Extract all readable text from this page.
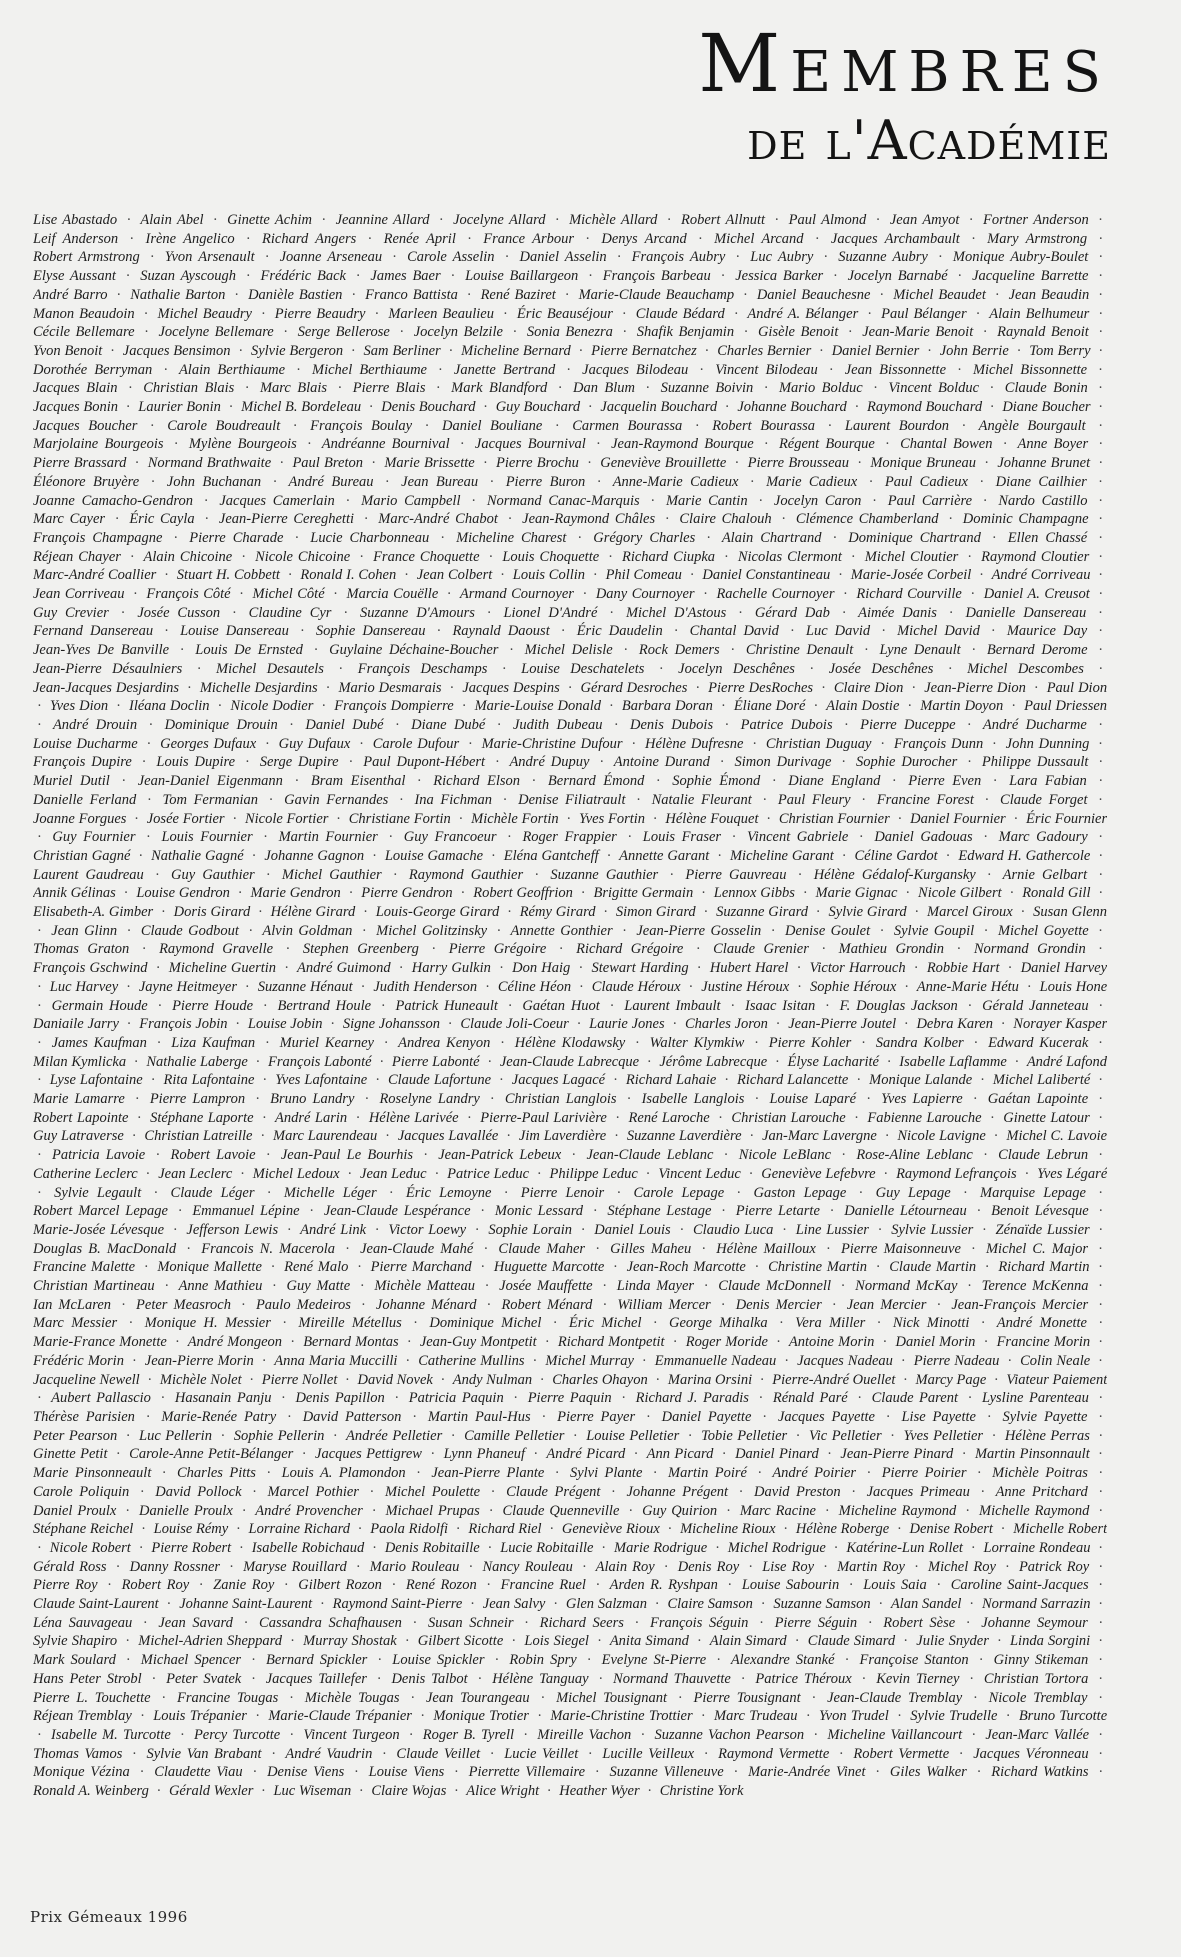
Membres
de l'Académie
Lise Abastado · Alain Abel · Ginette Achim · Jeannine Allard · Jocelyne Allard · Michèle Allard · Robert Allnutt · Paul Almond · Jean Amyot · Fortner Anderson · Leif Anderson · Irène Angelico · Richard Angers · Renée April · France Arbour · Denys Arcand · Michel Arcand · Jacques Archambault · Mary Armstrong · Robert Armstrong · Yvon Arsenault · Joanne Arseneau · Carole Asselin · Daniel Asselin · François Aubry · Luc Aubry · Suzanne Aubry · Monique Aubry-Boulet · Elyse Aussant · Suzan Ayscough · Frédéric Back · James Baer · Louise Baillargeon · François Barbeau · Jessica Barker · Jocelyn Barnabé · Jacqueline Barrette · André Barro · Nathalie Barton · Danièle Bastien · Franco Battista · René Baziret · Marie-Claude Beauchamp · Daniel Beauchesne · Michel Beaudet · Jean Beaudin · Manon Beaudoin · Michel Beaudry · Pierre Beaudry · Marleen Beaulieu · Éric Beauséjour · Claude Bédard · André A. Bélanger · Paul Bélanger · Alain Belhumeur · Cécile Bellemare · Jocelyne Bellemare · Serge Bellerose · Jocelyn Belzile · Sonia Benezra · Shafik Benjamin · Gisèle Benoit · Jean-Marie Benoit · Raynald Benoit · Yvon Benoit · Jacques Bensimon · Sylvie Bergeron · Sam Berliner · Micheline Bernard · Pierre Bernatchez · Charles Bernier · Daniel Bernier · John Berrie · Tom Berry · Dorothée Berryman · Alain Berthiaume · Michel Berthiaume · Janette Bertrand · Jacques Bilodeau · Vincent Bilodeau · Jean Bissonnette · Michel Bissonnette · Jacques Blain · Christian Blais · Marc Blais · Pierre Blais · Mark Blandford · Dan Blum · Suzanne Boivin · Mario Bolduc · Vincent Bolduc · Claude Bonin · Jacques Bonin · Laurier Bonin · Michel B. Bordeleau · Denis Bouchard · Guy Bouchard · Jacquelin Bouchard · Johanne Bouchard · Raymond Bouchard · Diane Boucher · Jacques Boucher · Carole Boudreault · François Boulay · Daniel Bouliane · Carmen Bourassa · Robert Bourassa · Laurent Bourdon · Angèle Bourgault · Marjolaine Bourgeois · Mylène Bourgeois · Andréanne Bournival · Jacques Bournival · Jean-Raymond Bourque · Régent Bourque · Chantal Bowen · Anne Boyer · Pierre Brassard · Normand Brathwaite · Paul Breton · Marie Brissette · Pierre Brochu · Geneviève Brouillette · Pierre Brousseau · Monique Bruneau · Johanne Brunet · Éléonore Bruyère · John Buchanan · André Bureau · Jean Bureau · Pierre Buron · Anne-Marie Cadieux · Marie Cadieux · Paul Cadieux · Diane Cailhier · Joanne Camacho-Gendron · Jacques Camerlain · Mario Campbell · Normand Canac-Marquis · Marie Cantin · Jocelyn Caron · Paul Carrière · Nardo Castillo · Marc Cayer · Éric Cayla · Jean-Pierre Cereghetti · Marc-André Chabot · Jean-Raymond Châles · Claire Chalouh · Clémence Chamberland · Dominic Champagne · François Champagne · Pierre Charade · Lucie Charbonneau · Micheline Charest · Grégory Charles · Alain Chartrand · Dominique Chartrand · Ellen Chassé · Réjean Chayer · Alain Chicoine · Nicole Chicoine · France Choquette · Louis Choquette · Richard Ciupka · Nicolas Clermont · Michel Cloutier · Raymond Cloutier · Marc-André Coallier · Stuart H. Cobbett · Ronald I. Cohen · Jean Colbert · Louis Collin · Phil Comeau · Daniel Constantineau · Marie-Josée Corbeil · André Corriveau · Jean Corriveau · François Côté · Michel Côté · Marcia Couëlle · Armand Cournoyer · Dany Cournoyer · Rachelle Cournoyer · Richard Courville · Daniel A. Creusot · Guy Crevier · Josée Cusson · Claudine Cyr · Suzanne D'Amours · Lionel D'André · Michel D'Astous · Gérard Dab · Aimée Danis · Danielle Dansereau · Fernand Dansereau · Louise Dansereau · Sophie Dansereau · Raynald Daoust · Éric Daudelin · Chantal David · Luc David · Michel David · Maurice Day · Jean-Yves De Banville · Louis De Ernsted · Guylaine Déchaine-Boucher · Michel Delisle · Rock Demers · Christine Denault · Lyne Denault · Bernard Derome · Jean-Pierre Désaulniers · Michel Desautels · François Deschamps · Louise Deschatelets · Jocelyn Deschênes · Josée Deschênes · Michel Descombes · Jean-Jacques Desjardins · Michelle Desjardins · Mario Desmarais · Jacques Despins · Gérard Desroches · Pierre DesRoches · Claire Dion · Jean-Pierre Dion · Paul Dion · Yves Dion · Iléana Doclin · Nicole Dodier · François Dompierre · Marie-Louise Donald · Barbara Doran · Éliane Doré · Alain Dostie · Martin Doyon · Paul Driessen · André Drouin · Dominique Drouin · Daniel Dubé · Diane Dubé · Judith Dubeau · Denis Dubois · Patrice Dubois · Pierre Duceppe · André Ducharme · Louise Ducharme · Georges Dufaux · Guy Dufaux · Carole Dufour · Marie-Christine Dufour · Hélène Dufresne · Christian Duguay · François Dunn · John Dunning · François Dupire · Louis Dupire · Serge Dupire · Paul Dupont-Hébert · André Dupuy · Antoine Durand · Simon Durivage · Sophie Durocher · Philippe Dussault · Muriel Dutil · Jean-Daniel Eigenmann · Bram Eisenthal · Richard Elson · Bernard Émond · Sophie Émond · Diane England · Pierre Even · Lara Fabian · Danielle Ferland · Tom Fermanian · Gavin Fernandes · Ina Fichman · Denise Filiatrault · Natalie Fleurant · Paul Fleury · Francine Forest · Claude Forget · Joanne Forgues · Josée Fortier · Nicole Fortier · Christiane Fortin · Michèle Fortin · Yves Fortin · Hélène Fouquet · Christian Fournier · Daniel Fournier · Éric Fournier · Guy Fournier · Louis Fournier · Martin Fournier · Guy Francoeur · Roger Frappier · Louis Fraser · Vincent Gabriele · Daniel Gadouas · Marc Gadoury · Christian Gagné · Nathalie Gagné · Johanne Gagnon · Louise Gamache · Eléna Gantcheff · Annette Garant · Micheline Garant · Céline Gardot · Edward H. Gathercole · Laurent Gaudreau · Guy Gauthier · Michel Gauthier · Raymond Gauthier · Suzanne Gauthier · Pierre Gauvreau · Hélène Gédalof-Kurgansky · Arnie Gelbart · Annik Gélinas · Louise Gendron · Marie Gendron · Pierre Gendron · Robert Geoffrion · Brigitte Germain · Lennox Gibbs · Marie Gignac · Nicole Gilbert · Ronald Gill · Elisabeth-A. Gimber · Doris Girard · Hélène Girard · Louis-George Girard · Rémy Girard · Simon Girard · Suzanne Girard · Sylvie Girard · Marcel Giroux · Susan Glenn · Jean Glinn · Claude Godbout · Alvin Goldman · Michel Golitzinsky · Annette Gonthier · Jean-Pierre Gosselin · Denise Goulet · Sylvie Goupil · Michel Goyette · Thomas Graton · Raymond Gravelle · Stephen Greenberg · Pierre Grégoire · Richard Grégoire · Claude Grenier · Mathieu Grondin · Normand Grondin · François Gschwind · Micheline Guertin · André Guimond · Harry Gulkin · Don Haig · Stewart Harding · Hubert Harel · Victor Harrouch · Robbie Hart · Daniel Harvey · Luc Harvey · Jayne Heitmeyer · Suzanne Hénaut · Judith Henderson · Céline Héon · Claude Héroux · Justine Héroux · Sophie Héroux · Anne-Marie Hétu · Louis Hone · Germain Houde · Pierre Houde · Bertrand Houle · Patrick Huneault · Gaétan Huot · Laurent Imbault · Isaac Isitan · F. Douglas Jackson · Gérald Janneteau · Daniaile Jarry · François Jobin · Louise Jobin · Signe Johansson · Claude Joli-Coeur · Laurie Jones · Charles Joron · Jean-Pierre Joutel · Debra Karen · Norayer Kasper · James Kaufman · Liza Kaufman · Muriel Kearney · Andrea Kenyon · Hélène Klodawsky · Walter Klymkiw · Pierre Kohler · Sandra Kolber · Edward Kucerak · Milan Kymlicka · Nathalie Laberge · François Labonté · Pierre Labonté · Jean-Claude Labrecque · Jérôme Labrecque · Élyse Lacharité · Isabelle Laflamme · André Lafond · Lyse Lafontaine · Rita Lafontaine · Yves Lafontaine · Claude Lafortune · Jacques Lagacé · Richard Lahaie · Richard Lalancette · Monique Lalande · Michel Laliberté · Marie Lamarre · Pierre Lampron · Bruno Landry · Roselyne Landry · Christian Langlois · Isabelle Langlois · Louise Laparé · Yves Lapierre · Gaétan Lapointe · Robert Lapointe · Stéphane Laporte · André Larin · Hélène Larivée · Pierre-Paul Larivière · René Laroche · Christian Larouche · Fabienne Larouche · Ginette Latour · Guy Latraverse · Christian Latreille · Marc Laurendeau · Jacques Lavallée · Jim Laverdière · Suzanne Laverdière · Jan-Marc Lavergne · Nicole Lavigne · Michel C. Lavoie · Patricia Lavoie · Robert Lavoie · Jean-Paul Le Bourhis · Jean-Patrick Lebeux · Jean-Claude Leblanc · Nicole LeBlanc · Rose-Aline Leblanc · Claude Lebrun · Catherine Leclerc · Jean Leclerc · Michel Ledoux · Jean Leduc · Patrice Leduc · Philippe Leduc · Vincent Leduc · Geneviève Lefebvre · Raymond Lefrançois · Yves Légaré · Sylvie Legault · Claude Léger · Michelle Léger · Éric Lemoyne · Pierre Lenoir · Carole Lepage · Gaston Lepage · Guy Lepage · Marquise Lepage · Robert Marcel Lepage · Emmanuel Lépine · Jean-Claude Lespérance · Monic Lessard · Stéphane Lestage · Pierre Letarte · Danielle Létourneau · Benoit Lévesque · Marie-Josée Lévesque · Jefferson Lewis · André Link · Victor Loewy · Sophie Lorain · Daniel Louis · Claudio Luca · Line Lussier · Sylvie Lussier · Zénaïde Lussier · Douglas B. MacDonald · Francois N. Macerola · Jean-Claude Mahé · Claude Maher · Gilles Maheu · Hélène Mailloux · Pierre Maisonneuve · Michel C. Major · Francine Malette · Monique Mallette · René Malo · Pierre Marchand · Huguette Marcotte · Jean-Roch Marcotte · Christine Martin · Claude Martin · Richard Martin · Christian Martineau · Anne Mathieu · Guy Matte · Michèle Matteau · Josée Mauffette · Linda Mayer · Claude McDonnell · Normand McKay · Terence McKenna · Ian McLaren · Peter Measroch · Paulo Medeiros · Johanne Ménard · Robert Ménard · William Mercer · Denis Mercier · Jean Mercier · Jean-François Mercier · Marc Messier · Monique H. Messier · Mireille Métellus · Dominique Michel · Éric Michel · George Mihalka · Vera Miller · Nick Minotti · André Monette · Marie-France Monette · André Mongeon · Bernard Montas · Jean-Guy Montpetit · Richard Montpetit · Roger Moride · Antoine Morin · Daniel Morin · Francine Morin · Frédéric Morin · Jean-Pierre Morin · Anna Maria Muccilli · Catherine Mullins · Michel Murray · Emmanuelle Nadeau · Jacques Nadeau · Pierre Nadeau · Colin Neale · Jacqueline Newell · Michèle Nolet · Pierre Nollet · David Novek · Andy Nulman · Charles Ohayon · Marina Orsini · Pierre-André Ouellet · Marcy Page · Viateur Paiement · Aubert Pallascio · Hasanain Panju · Denis Papillon · Patricia Paquin · Pierre Paquin · Richard J. Paradis · Rénald Paré · Claude Parent · Lysline Parenteau · Thérèse Parisien · Marie-Renée Patry · David Patterson · Martin Paul-Hus · Pierre Payer · Daniel Payette · Jacques Payette · Lise Payette · Sylvie Payette · Peter Pearson · Luc Pellerin · Sophie Pellerin · Andrée Pelletier · Camille Pelletier · Louise Pelletier · Tobie Pelletier · Vic Pelletier · Yves Pelletier · Hélène Perras · Ginette Petit · Carole-Anne Petit-Bélanger · Jacques Pettigrew · Lynn Phaneuf · André Picard · Ann Picard · Daniel Pinard · Jean-Pierre Pinard · Martin Pinsonnault · Marie Pinsonneault · Charles Pitts · Louis A. Plamondon · Jean-Pierre Plante · Sylvi Plante · Martin Poiré · André Poirier · Pierre Poirier · Michèle Poitras · Carole Poliquin · David Pollock · Marcel Pothier · Michel Poulette · Claude Prégent · Johanne Prégent · David Preston · Jacques Primeau · Anne Pritchard · Daniel Proulx · Danielle Proulx · André Provencher · Michael Prupas · Claude Quenneville · Guy Quirion · Marc Racine · Micheline Raymond · Michelle Raymond · Stéphane Reichel · Louise Rémy · Lorraine Richard · Paola Ridolfi · Richard Riel · Geneviève Rioux · Micheline Rioux · Hélène Roberge · Denise Robert · Michelle Robert · Nicole Robert · Pierre Robert · Isabelle Robichaud · Denis Robitaille · Lucie Robitaille · Marie Rodrigue · Michel Rodrigue · Katérine-Lun Rollet · Lorraine Rondeau · Gérald Ross · Danny Rossner · Maryse Rouillard · Mario Rouleau · Nancy Rouleau · Alain Roy · Denis Roy · Lise Roy · Martin Roy · Michel Roy · Patrick Roy · Pierre Roy · Robert Roy · Zanie Roy · Gilbert Rozon · René Rozon · Francine Ruel · Arden R. Ryshpan · Louise Sabourin · Louis Saia · Caroline Saint-Jacques · Claude Saint-Laurent · Johanne Saint-Laurent · Raymond Saint-Pierre · Jean Salvy · Glen Salzman · Claire Samson · Suzanne Samson · Alan Sandel · Normand Sarrazin · Léna Sauvageau · Jean Savard · Cassandra Schafhausen · Susan Schneir · Richard Seers · François Séguin · Pierre Séguin · Robert Sèse · Johanne Seymour · Sylvie Shapiro · Michel-Adrien Sheppard · Murray Shostak · Gilbert Sicotte · Lois Siegel · Anita Simand · Alain Simard · Claude Simard · Julie Snyder · Linda Sorgini · Mark Soulard · Michael Spencer · Bernard Spickler · Louise Spickler · Robin Spry · Evelyne St-Pierre · Alexandre Stanké · Françoise Stanton · Ginny Stikeman · Hans Peter Strobl · Peter Svatek · Jacques Taillefer · Denis Talbot · Hélène Tanguay · Normand Thauvette · Patrice Théroux · Kevin Tierney · Christian Tortora · Pierre L. Touchette · Francine Tougas · Michèle Tougas · Jean Tourangeau · Michel Tousignant · Pierre Tousignant · Jean-Claude Tremblay · Nicole Tremblay · Réjean Tremblay · Louis Trépanier · Marie-Claude Trépanier · Monique Trotier · Marie-Christine Trottier · Marc Trudeau · Yvon Trudel · Sylvie Trudelle · Bruno Turcotte · Isabelle M. Turcotte · Percy Turcotte · Vincent Turgeon · Roger B. Tyrell · Mireille Vachon · Suzanne Vachon Pearson · Micheline Vaillancourt · Jean-Marc Vallée · Thomas Vamos · Sylvie Van Brabant · André Vaudrin · Claude Veillet · Lucie Veillet · Lucille Veilleux · Raymond Vermette · Robert Vermette · Jacques Véronneau · Monique Vézina · Claudette Viau · Denise Viens · Louise Viens · Pierrette Villemaire · Suzanne Villeneuve · Marie-Andrée Vinet · Giles Walker · Richard Watkins · Ronald A. Weinberg · Gérald Wexler · Luc Wiseman · Claire Wojas · Alice Wright · Heather Wyer · Christine York
Prix Gémeaux 1996
